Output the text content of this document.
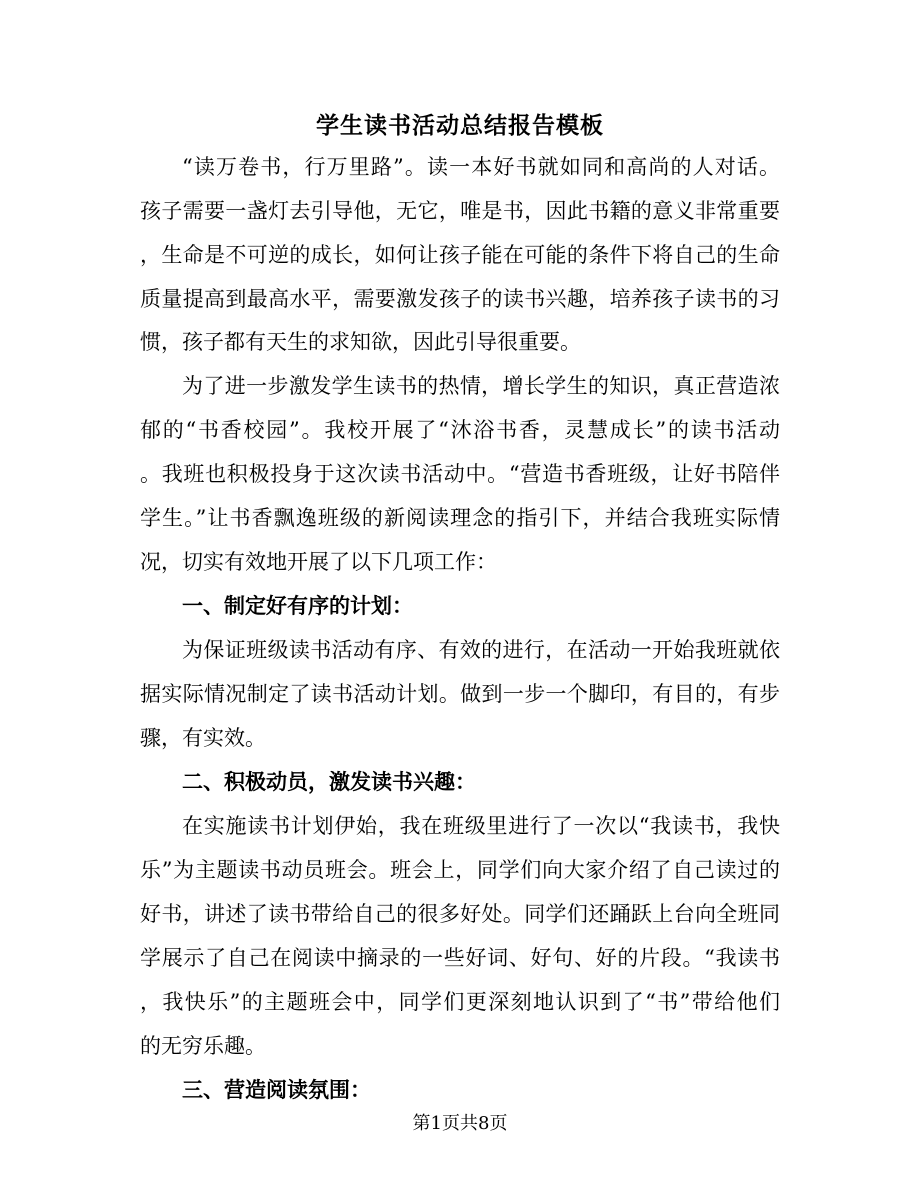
学生读书活动总结报告模板
“读万卷书，行万里路”。读一本好书就如同和高尚的人对话。
孩子需要一盏灯去引导他，无它，唯是书，因此书籍的意义非常重要
，生命是不可逆的成长，如何让孩子能在可能的条件下将自己的生命
质量提高到最高水平，需要激发孩子的读书兴趣，培养孩子读书的习
惯，孩子都有天生的求知欲，因此引导很重要。
为了进一步激发学生读书的热情，增长学生的知识，真正营造浓
郁的“书香校园”。我校开展了“沐浴书香，灵慧成长”的读书活动
。我班也积极投身于这次读书活动中。“营造书香班级，让好书陪伴
学生。”让书香飘逸班级的新阅读理念的指引下，并结合我班实际情
况，切实有效地开展了以下几项工作：
一、制定好有序的计划：
为保证班级读书活动有序、有效的进行，在活动一开始我班就依
据实际情况制定了读书活动计划。做到一步一个脚印，有目的，有步
骤，有实效。
二、积极动员，激发读书兴趣：
在实施读书计划伊始，我在班级里进行了一次以“我读书，我快
乐”为主题读书动员班会。班会上，同学们向大家介绍了自己读过的
好书，讲述了读书带给自己的很多好处。同学们还踊跃上台向全班同
学展示了自己在阅读中摘录的一些好词、好句、好的片段。“我读书
，我快乐”的主题班会中，同学们更深刻地认识到了“书”带给他们
的无穷乐趣。
三、营造阅读氛围：
第1页共8页
